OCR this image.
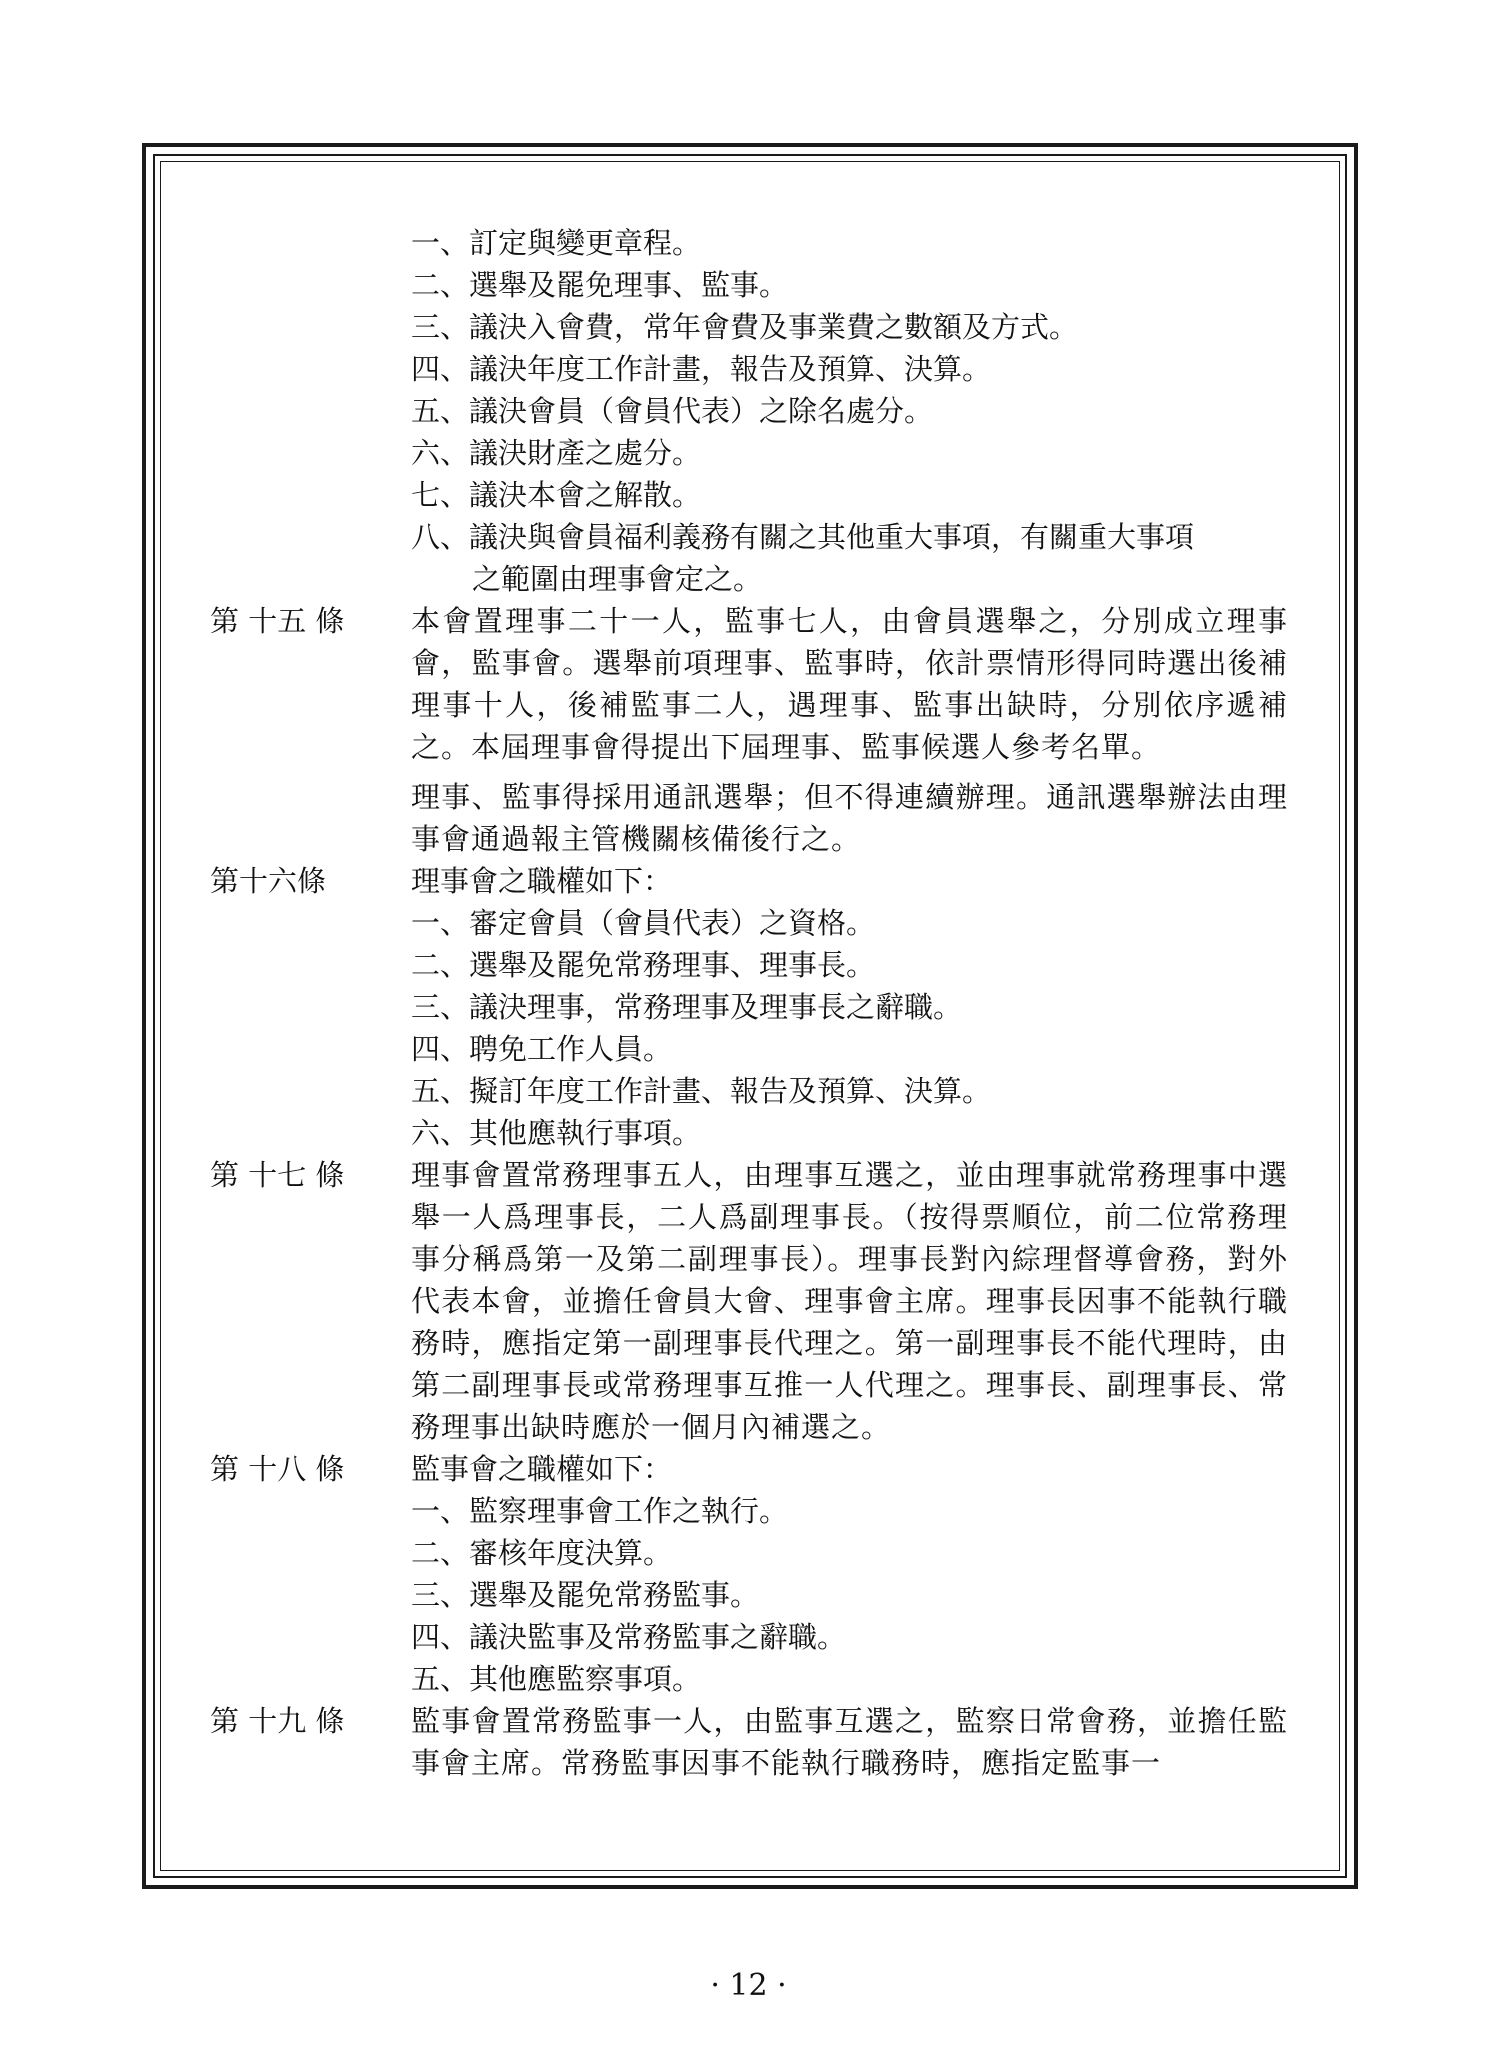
一、訂定與變更章程。
二、選舉及罷免理事、監事。
三、議決入會費，常年會費及事業費之數額及方式。
四、議決年度工作計畫，報告及預算、決算。
五、議決會員（會員代表）之除名處分。
六、議決財產之處分。
七、議決本會之解散。
八、議決與會員福利義務有關之其他重大事項，有關重大事項
之範圍由理事會定之。
第 十五 條	本會置理事二十一人，監事七人，由會員選舉之，分別成立理事會，監事會。選舉前項理事、監事時，依計票情形得同時選出後補理事十人，後補監事二人，遇理事、監事出缺時，分別依序遞補之。本屆理事會得提出下屆理事、監事候選人參考名單。
理事、監事得採用通訊選舉；但不得連續辦理。通訊選舉辦法由理事會通過報主管機關核備後行之。
第十六條	理事會之職權如下：
一、審定會員（會員代表）之資格。
二、選舉及罷免常務理事、理事長。
三、議決理事，常務理事及理事長之辭職。
四、聘免工作人員。
五、擬訂年度工作計畫、報告及預算、決算。
六、其他應執行事項。
第 十七 條	理事會置常務理事五人，由理事互選之，並由理事就常務理事中選舉一人爲理事長，二人爲副理事長。（按得票順位，前二位常務理事分稱爲第一及第二副理事長）。理事長對內綜理督導會務，對外代表本會，並擔任會員大會、理事會主席。理事長因事不能執行職務時，應指定第一副理事長代理之。第一副理事長不能代理時，由第二副理事長或常務理事互推一人代理之。理事長、副理事長、常務理事出缺時應於一個月內補選之。
第 十八 條	監事會之職權如下：
一、監察理事會工作之執行。
二、審核年度決算。
三、選舉及罷免常務監事。
四、議決監事及常務監事之辭職。
五、其他應監察事項。
第 十九 條	監事會置常務監事一人，由監事互選之，監察日常會務，並擔任監事會主席。常務監事因事不能執行職務時，應指定監事一
· 12 ·
